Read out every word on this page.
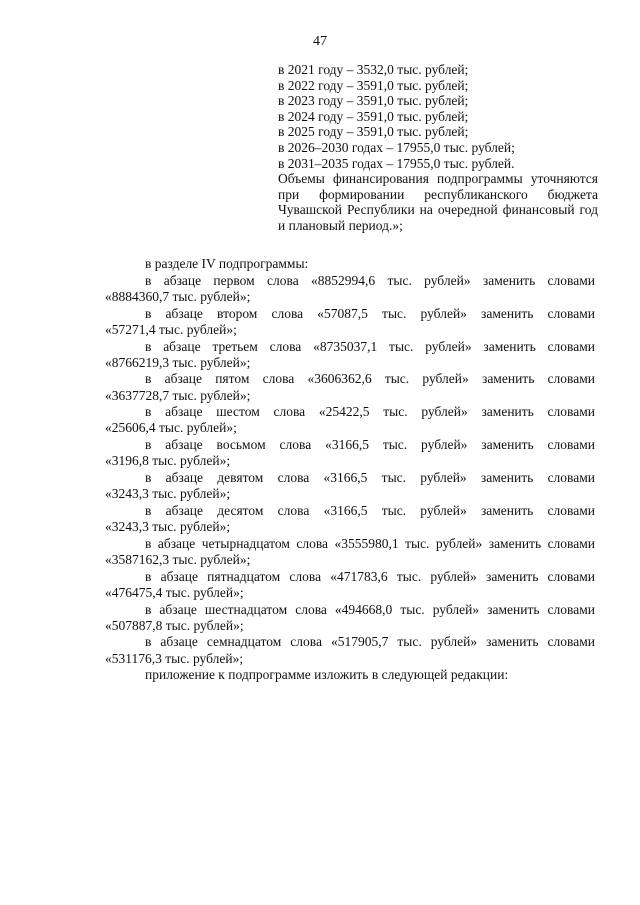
47
в 2021 году – 3532,0 тыс. рублей;
в 2022 году – 3591,0 тыс. рублей;
в 2023 году – 3591,0 тыс. рублей;
в 2024 году – 3591,0 тыс. рублей;
в 2025 году – 3591,0 тыс. рублей;
в 2026–2030 годах – 17955,0 тыс. рублей;
в 2031–2035 годах – 17955,0 тыс. рублей.

Объемы финансирования подпрограммы уточняются при формировании республиканского бюджета Чувашской Республики на очередной финансовый год и плановый период.»;

в разделе IV подпрограммы:

в абзаце первом слова «8852994,6 тыс. рублей» заменить словами
«8884360,7 тыс. рублей»;
в абзаце втором слова «57087,5 тыс. рублей» заменить словами
«57271,4 тыс. рублей»;
в абзаце третьем слова «8735037,1 тыс. рублей» заменить словами
«8766219,3 тыс. рублей»;
в абзаце пятом слова «3606362,6 тыс. рублей» заменить словами
«3637728,7 тыс. рублей»;
в абзаце шестом слова «25422,5 тыс. рублей» заменить словами
«25606,4 тыс. рублей»;
в абзаце восьмом слова «3166,5 тыс. рублей» заменить словами
«3196,8 тыс. рублей»;
в абзаце девятом слова «3166,5 тыс. рублей» заменить словами
«3243,3 тыс. рублей»;
в абзаце десятом слова «3166,5 тыс. рублей» заменить словами
«3243,3 тыс. рублей»;
в абзаце четырнадцатом слова «3555980,1 тыс. рублей» заменить словами
«3587162,3 тыс. рублей»;
в абзаце пятнадцатом слова «471783,6 тыс. рублей» заменить словами
«476475,4 тыс. рублей»;
в абзаце шестнадцатом слова «494668,0 тыс. рублей» заменить словами
«507887,8 тыс. рублей»;
в абзаце семнадцатом слова «517905,7 тыс. рублей» заменить словами
«531176,3 тыс. рублей»;

приложение к подпрограмме изложить в следующей редакции:
